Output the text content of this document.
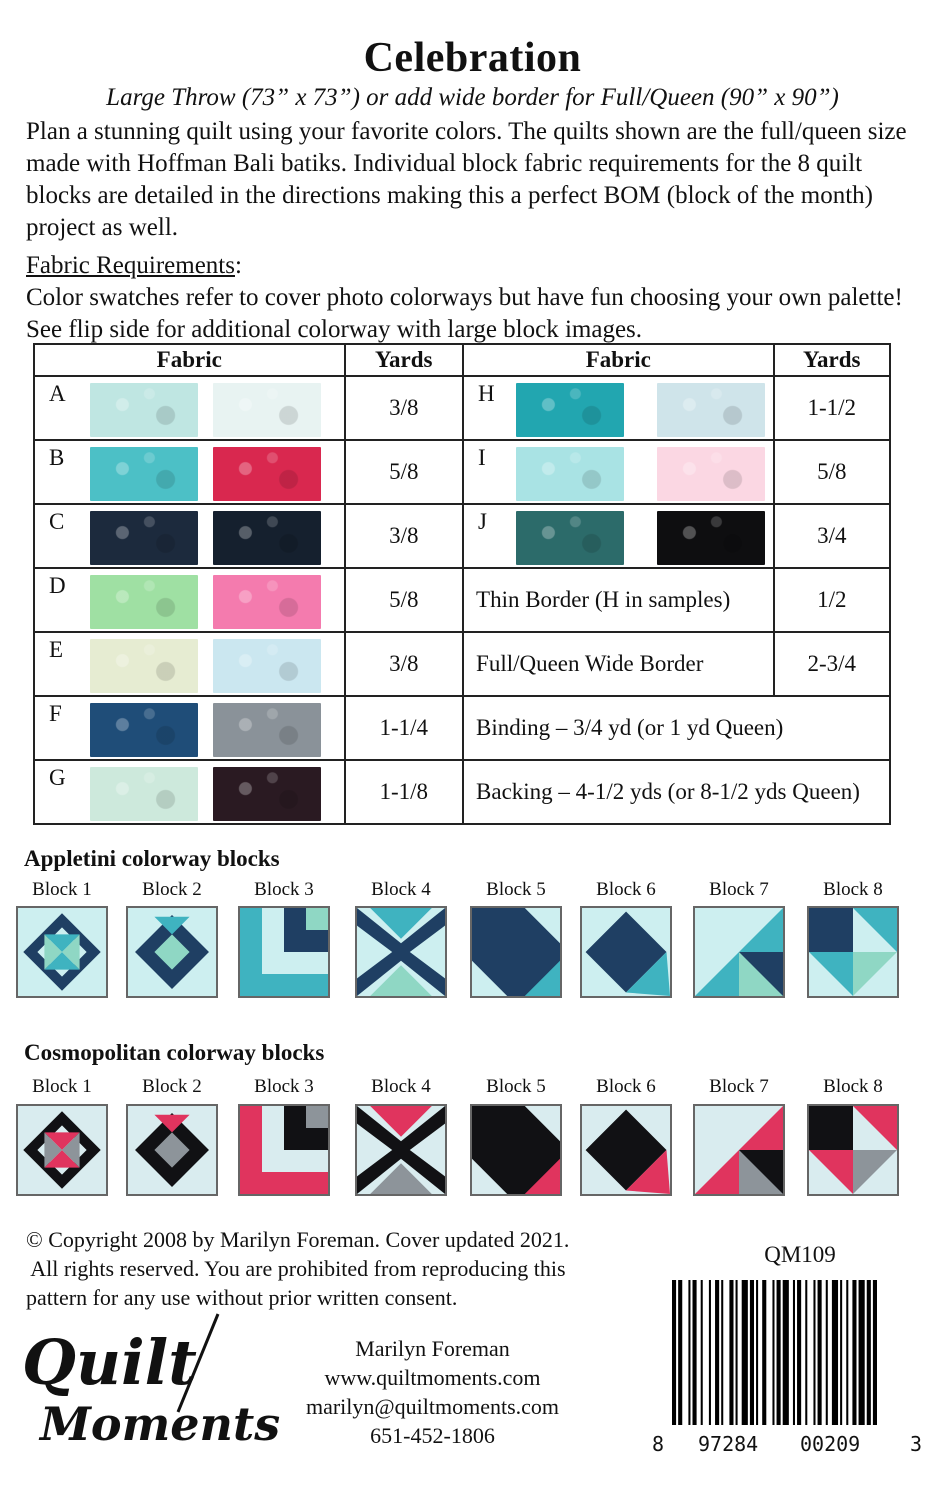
Celebration
Large Throw (73” x 73”) or add wide border for Full/Queen (90” x 90”)
Plan a stunning quilt using your favorite colors. The quilts shown are the full/queen size made with Hoffman Bali batiks. Individual block fabric requirements for the 8 quilt blocks are detailed in the directions making this a perfect BOM (block of the month) project as well.
Fabric Requirements:
Color swatches refer to cover photo colorways but have fun choosing your own palette! See flip side for additional colorway with large block images.
Fabric	Yards	Fabric	Yards

A	3/8	H	1-1/2

B	5/8	I	5/8

C	3/8	J	3/4

D	5/8	Thin Border (H in samples)	1/2

E	3/8	Full/Queen Wide Border	2-3/4

F	1-1/4	Binding – 3/4 yd (or 1 yd Queen)	

G	1-1/8	Backing – 4-1/2 yds (or 8-1/2 yds Queen)	
Appletini colorway blocks
Block 1	Block 2	Block 3	Block 4	Block 5	Block 6	Block 7	Block 8
Cosmopolitan colorway blocks
Block 1	Block 2	Block 3	Block 4	Block 5	Block 6	Block 7	Block 8
© Copyright 2008 by Marilyn Foreman. Cover updated 2021.
All rights reserved. You are prohibited from reproducing this
pattern for any use without prior written consent.
Quilt
Moments
Marilyn Foreman
www.quiltmoments.com
marilyn@quiltmoments.com
651-452-1806
QM109
8 97284 00209 3
